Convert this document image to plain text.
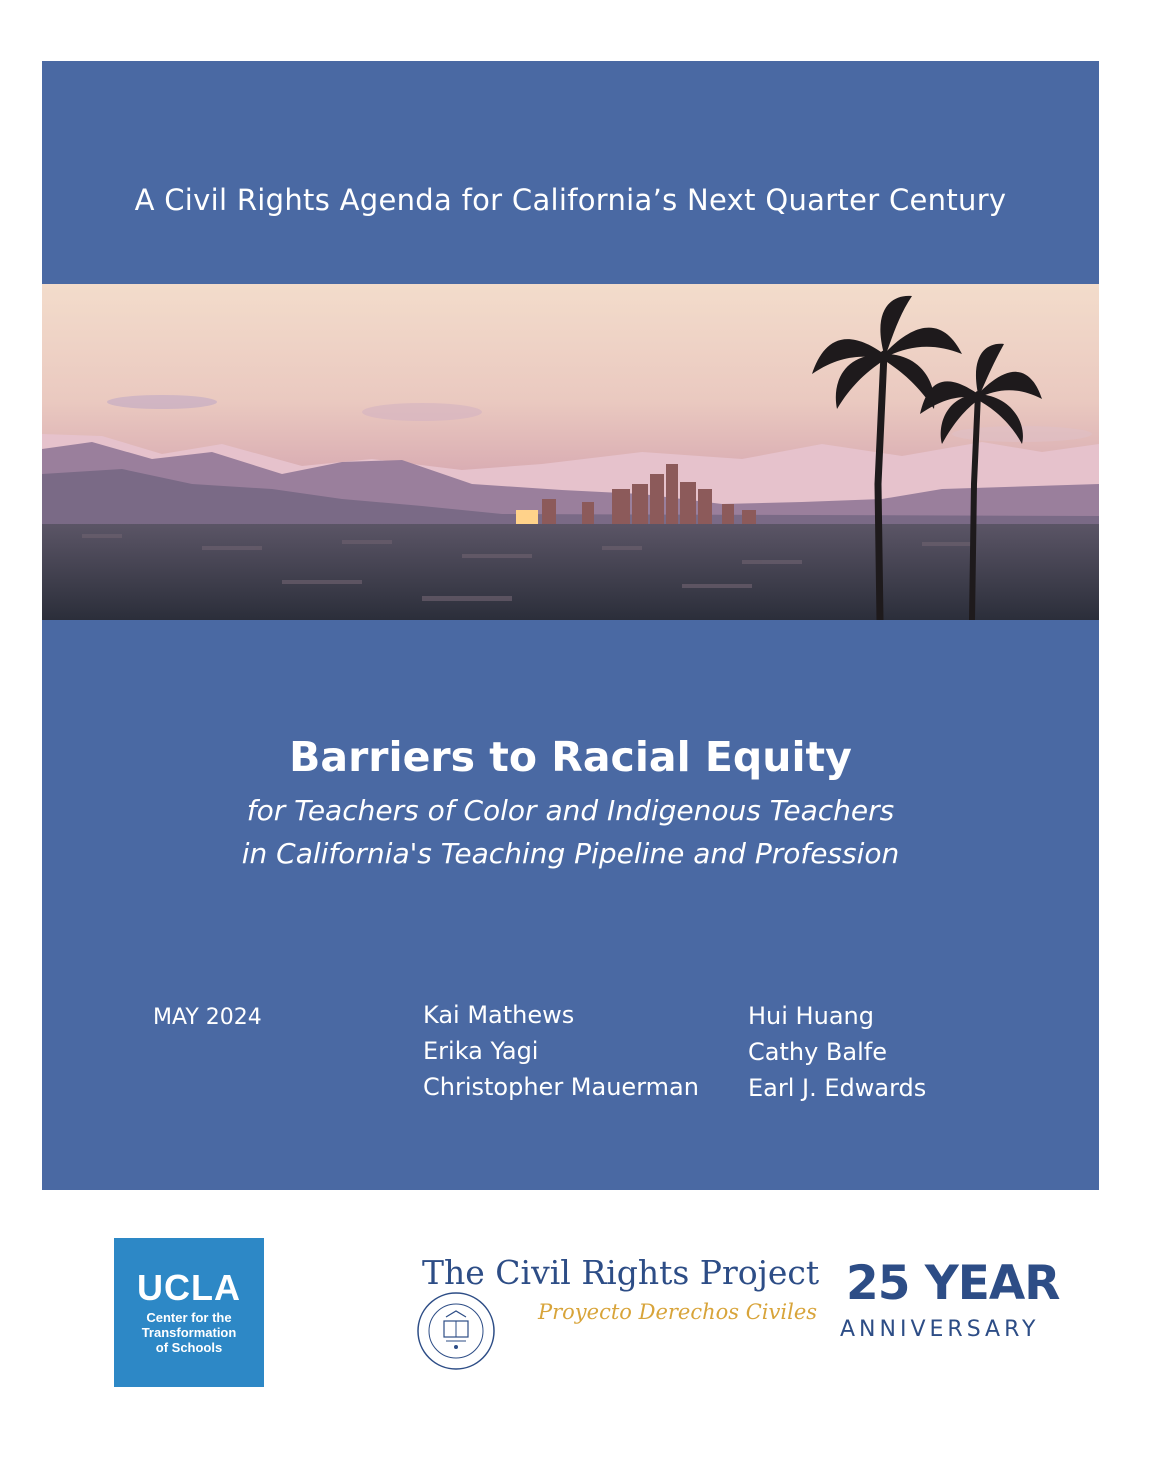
A Civil Rights Agenda for California’s Next Quarter Century
Barriers to Racial Equity
for Teachers of Color and Indigenous Teachers
in California's Teaching Pipeline and Profession
MAY 2024	Kai Mathews
Erika Yagi
Christopher Mauerman
Hui Huang
Cathy Balfe
Earl J. Edwards
UCLA
Center for the
Transformation
of Schools
The Civil Rights Project
Proyecto Derechos Civiles
25 YEAR
ANNIVERSARY
